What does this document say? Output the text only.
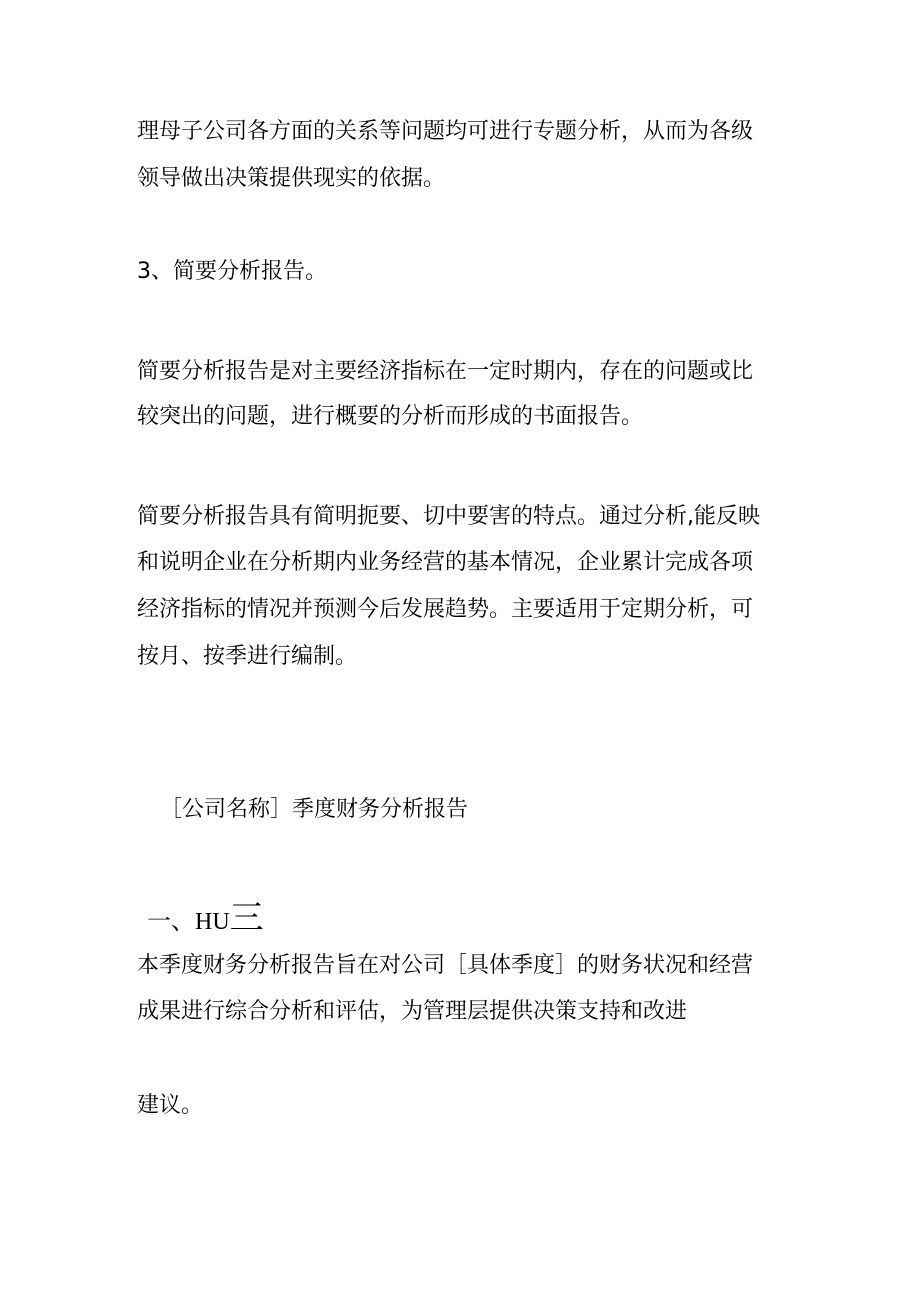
理母子公司各方面的关系等问题均可进行专题分析，从而为各级
领导做出决策提供现实的依据。
3、简要分析报告。
简要分析报告是对主要经济指标在一定时期内，存在的问题或比
较突出的问题，进行概要的分析而形成的书面报告。
简要分析报告具有简明扼要、切中要害的特点。通过分析,能反映
和说明企业在分析期内业务经营的基本情况，企业累计完成各项
经济指标的情况并预测今后发展趋势。主要适用于定期分析，可
按月、按季进行编制。
［公司名称］季度财务分析报告
一、HU三
本季度财务分析报告旨在对公司［具体季度］的财务状况和经营
成果进行综合分析和评估，为管理层提供决策支持和改进
建议。
